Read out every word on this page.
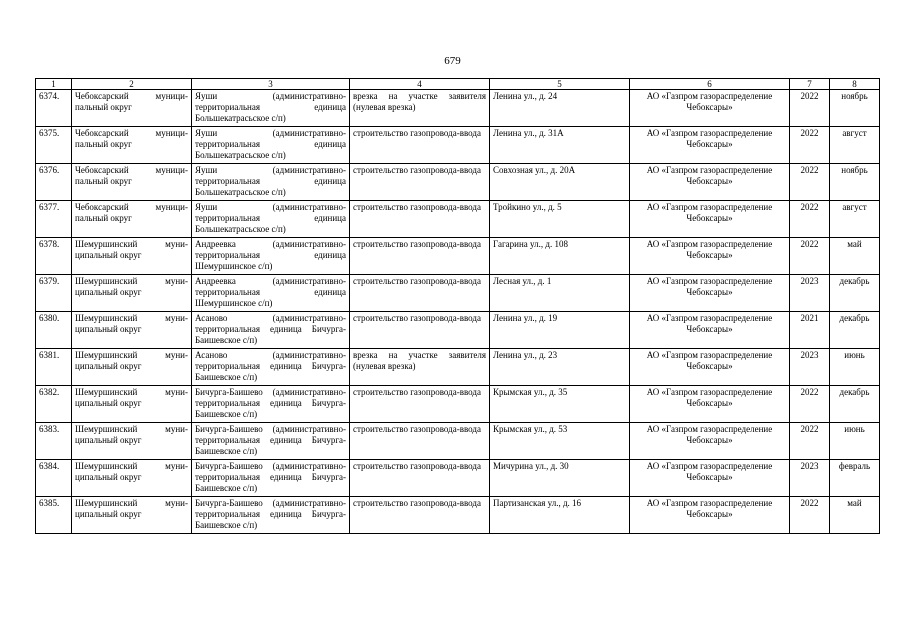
679
1	2	3	4	5	6	7	8
6374.	Чебоксарский муници-пальный округ	Яуши (административно-территориальная единица Большекатрасьское с/п)	врезка на участке заявителя (нулевая врезка)	Ленина ул., д. 24	АО «Газпром газораспределение Чебоксары»	2022	ноябрь
6375.	Чебоксарский муници-пальный округ	Яуши (административно-территориальная единица Большекатрасьское с/п)	строительство газопровода-ввода	Ленина ул., д. 31А	АО «Газпром газораспределение Чебоксары»	2022	август
6376.	Чебоксарский муници-пальный округ	Яуши (административно-территориальная единица Большекатрасьское с/п)	строительство газопровода-ввода	Совхозная ул., д. 20А	АО «Газпром газораспределение Чебоксары»	2022	ноябрь
6377.	Чебоксарский муници-пальный округ	Яуши (административно-территориальная единица Большекатрасьское с/п)	строительство газопровода-ввода	Тройкино ул., д. 5	АО «Газпром газораспределение Чебоксары»	2022	август
6378.	Шемуршинский муни-ципальный округ	Андреевка (административно-территориальная единица Шемуршинское с/п)	строительство газопровода-ввода	Гагарина ул., д. 108	АО «Газпром газораспределение Чебоксары»	2022	май
6379.	Шемуршинский муни-ципальный округ	Андреевка (административно-территориальная единица Шемуршинское с/п)	строительство газопровода-ввода	Лесная ул., д. 1	АО «Газпром газораспределение Чебоксары»	2023	декабрь
6380.	Шемуршинский муни-ципальный округ	Асаново (административно-территориальная единица Бичурга-Баишевское с/п)	строительство газопровода-ввода	Ленина ул., д. 19	АО «Газпром газораспределение Чебоксары»	2021	декабрь
6381.	Шемуршинский муни-ципальный округ	Асаново (административно-территориальная единица Бичурга-Баишевское с/п)	врезка на участке заявителя (нулевая врезка)	Ленина ул., д. 23	АО «Газпром газораспределение Чебоксары»	2023	июнь
6382.	Шемуршинский муни-ципальный округ	Бичурга-Баишево (административно-территориальная единица Бичурга-Баишевское с/п)	строительство газопровода-ввода	Крымская ул., д. 35	АО «Газпром газораспределение Чебоксары»	2022	декабрь
6383.	Шемуршинский муни-ципальный округ	Бичурга-Баишево (административно-территориальная единица Бичурга-Баишевское с/п)	строительство газопровода-ввода	Крымская ул., д. 53	АО «Газпром газораспределение Чебоксары»	2022	июнь
6384.	Шемуршинский муни-ципальный округ	Бичурга-Баишево (административно-территориальная единица Бичурга-Баишевское с/п)	строительство газопровода-ввода	Мичурина ул., д. 30	АО «Газпром газораспределение Чебоксары»	2023	февраль
6385.	Шемуршинский муни-ципальный округ	Бичурга-Баишево (административно-территориальная единица Бичурга-Баишевское с/п)	строительство газопровода-ввода	Партизанская ул., д. 16	АО «Газпром газораспределение Чебоксары»	2022	май
